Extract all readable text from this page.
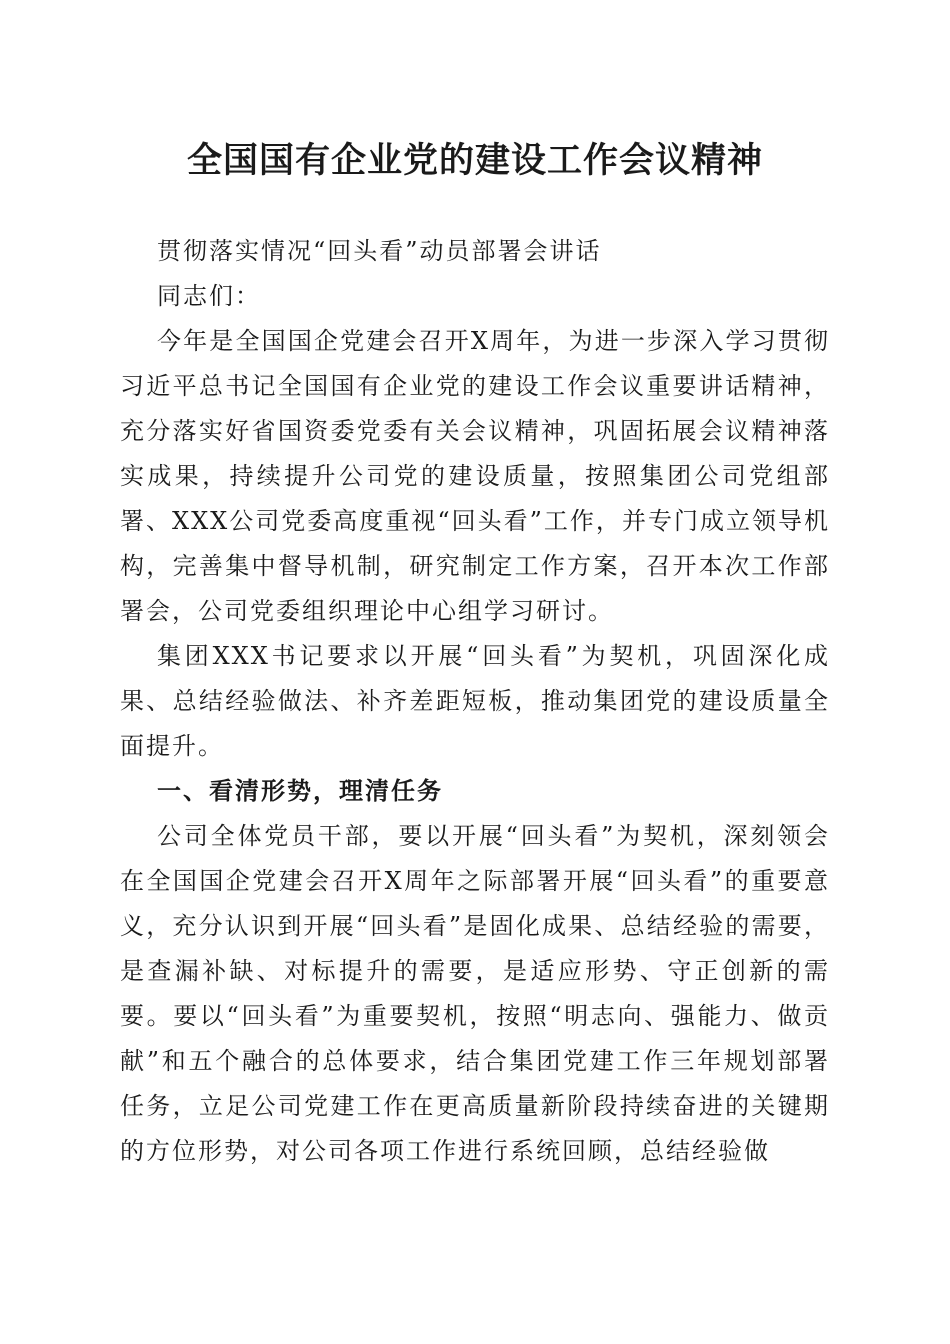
全国国有企业党的建设工作会议精神

贯彻落实情况“回头看”动员部署会讲话

同志们：

今年是全国国企党建会召开X周年，为进一步深入学习贯彻习近平总书记全国国有企业党的建设工作会议重要讲话精神，充分落实好省国资委党委有关会议精神，巩固拓展会议精神落实成果，持续提升公司党的建设质量，按照集团公司党组部署、XXX公司党委高度重视“回头看”工作，并专门成立领导机构，完善集中督导机制，研究制定工作方案，召开本次工作部署会，公司党委组织理论中心组学习研讨。

集团XXX书记要求以开展“回头看”为契机，巩固深化成果、总结经验做法、补齐差距短板，推动集团党的建设质量全面提升。

一、看清形势，理清任务

公司全体党员干部，要以开展“回头看”为契机，深刻领会在全国国企党建会召开X周年之际部署开展“回头看”的重要意义，充分认识到开展“回头看”是固化成果、总结经验的需要，是查漏补缺、对标提升的需要，是适应形势、守正创新的需要。要以“回头看”为重要契机，按照“明志向、强能力、做贡献”和五个融合的总体要求，结合集团党建工作三年规划部署任务，立足公司党建工作在更高质量新阶段持续奋进的关键期的方位形势，对公司各项工作进行系统回顾，总结经验做
